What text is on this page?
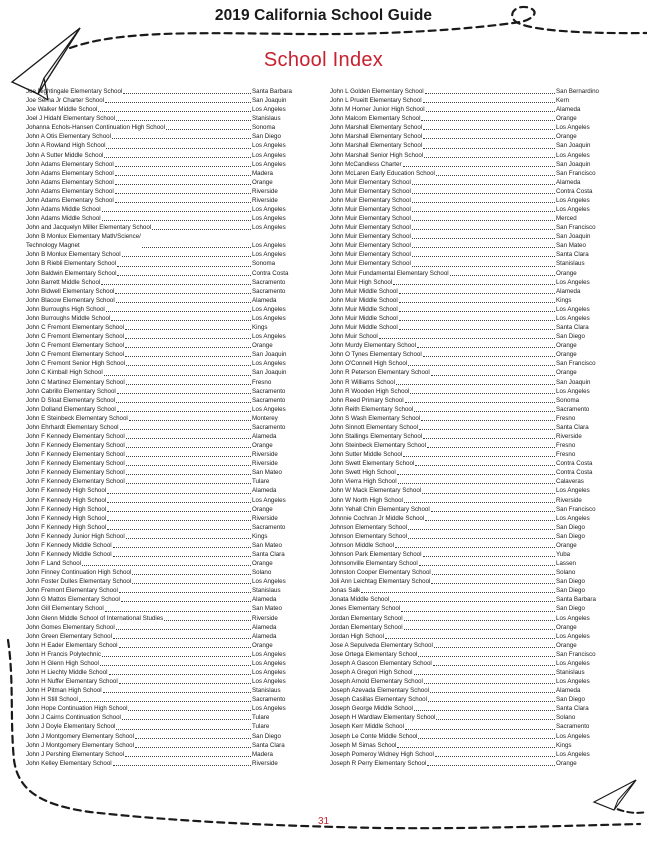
2019 California School Guide
School Index
Joe Nightingale Elementary School	Santa Barbara
Joe Serna Jr Charter School	San Joaquin
Joe Walker Middle School	Los Angeles
Joel J Hidahl Elementary School	Stanislaus
Johanna Echols-Hansen Continuation High School	Sonoma
John A Otis Elementary School	San Diego
John A Rowland High School	Los Angeles
John A Sutter Middle School	Los Angeles
John Adams Elementary School	Los Angeles
John Adams Elementary School	Madera
John Adams Elementary School	Orange
John Adams Elementary School	Riverside
John Adams Elementary School	Riverside
John Adams Middle School	Los Angeles
John Adams Middle School	Los Angeles
John and Jacquelyn Miller Elementary School	Los Angeles
John B Monlux Elementary Math/Science/
Technology Magnet	Los Angeles
John B Monlux Elementary School	Los Angeles
John B Riebli Elementary School	Sonoma
John Baldwin Elementary School	Contra Costa
John Barrett Middle School	Sacramento
John Bidwell Elementary School	Sacramento
John Blacow Elementary School	Alameda
John Burroughs High School	Los Angeles
John Burroughs Middle School	Los Angeles
John C Fremont Elementary School	Kings
John C Fremont Elementary School	Los Angeles
John C Fremont Elementary School	Orange
John C Fremont Elementary School	San Joaquin
John C Fremont Senior High School	Los Angeles
John C Kimball High School	San Joaquin
John C Martinez Elementary School	Fresno
John Cabrillo Elementary School	Sacramento
John D Sloat Elementary School	Sacramento
John Dolland Elementary School	Los Angeles
John E Steinbeck Elementary School	Monterey
John Ehrhardt Elementary School	Sacramento
John F Kennedy Elementary School	Alameda
John F Kennedy Elementary School	Orange
John F Kennedy Elementary School	Riverside
John F Kennedy Elementary School	Riverside
John F Kennedy Elementary School	San Mateo
John F Kennedy Elementary School	Tulare
John F Kennedy High School	Alameda
John F Kennedy High School	Los Angeles
John F Kennedy High School	Orange
John F Kennedy High School	Riverside
John F Kennedy High School	Sacramento
John F Kennedy Junior High School	Kings
John F Kennedy Middle School	San Mateo
John F Kennedy Middle School	Santa Clara
John F Land School	Orange
John Finney Continuation High School	Solano
John Foster Dulles Elementary School	Los Angeles
John Fremont Elementary School	Stanislaus
John G Mattos Elementary School	Alameda
John Gill Elementary School	San Mateo
John Glenn Middle School of International Studies	Riverside
John Gomes Elementary School	Alameda
John Green Elementary School	Alameda
John H Eader Elementary School	Orange
John H Francis Polytechnic	Los Angeles
John H Glenn High School	Los Angeles
John H Liechty Middle School	Los Angeles
John H Nuffer Elementary School	Los Angeles
John H Pitman High School	Stanislaus
John H Still School	Sacramento
John Hope Continuation High School	Los Angeles
John J Cairns Continuation School	Tulare
John J Doyle Elementary School	Tulare
John J Montgomery Elementary School	San Diego
John J Montgomery Elementary School	Santa Clara
John J Pershing Elementary School	Madera
John Kelley Elementary School	Riverside
John L Golden Elementary School	San Bernardino
John L Prueitt Elementary School	Kern
John M Horner Junior High School	Alameda
John Malcom Elementary School	Orange
John Marshall Elementary School	Los Angeles
John Marshall Elementary School	Orange
John Marshall Elementary School	San Joaquin
John Marshall Senior High School	Los Angeles
John McCandless Charter	San Joaquin
John McLaren Early Education School	San Francisco
John Muir Elementary School	Alameda
John Muir Elementary School	Contra Costa
John Muir Elementary School	Los Angeles
John Muir Elementary School	Los Angeles
John Muir Elementary School	Merced
John Muir Elementary School	San Francisco
John Muir Elementary School	San Joaquin
John Muir Elementary School	San Mateo
John Muir Elementary School	Santa Clara
John Muir Elementary School	Stanislaus
John Muir Fundamental Elementary School	Orange
John Muir High School	Los Angeles
John Muir Middle School	Alameda
John Muir Middle School	Kings
John Muir Middle School	Los Angeles
John Muir Middle School	Los Angeles
John Muir Middle School	Santa Clara
John Muir School	San Diego
John Murdy Elementary School	Orange
John O Tynes Elementary School	Orange
John O'Connell High School	San Francisco
John R Peterson Elementary School	Orange
John R Williams School	San Joaquin
John R Wooden High School	Los Angeles
John Reed Primary School	Sonoma
John Reith Elementary School	Sacramento
John S Wash Elementary School	Fresno
John Sinnott Elementary School	Santa Clara
John Stallings Elementary School	Riverside
John Steinbeck Elementary School	Fresno
John Sutter Middle School	Fresno
John Swett Elementary School	Contra Costa
John Swett High School	Contra Costa
John Vierra High School	Calaveras
John W Mack Elementary School	Los Angeles
John W North High School	Riverside
John Yehall Chin Elementary School	San Francisco
Johnnie Cochran Jr Middle School	Los Angeles
Johnson Elementary School	San Diego
Johnson Elementary School	San Diego
Johnson Middle School	Orange
Johnson Park Elementary School	Yuba
Johnsonville Elementary School	Lassen
Johnston Cooper Elementary School	Solano
Joli Ann Leichtag Elementary School	San Diego
Jonas Salk	San Diego
Jonata Middle School	Santa Barbara
Jones Elementary School	San Diego
Jordan Elementary School	Los Angeles
Jordan Elementary School	Orange
Jordan High School	Los Angeles
Jose A Sepulveda Elementary School	Orange
Jose Ortega Elementary School	San Francisco
Joseph A Gascon Elementary School	Los Angeles
Joseph A Gregori High School	Stanislaus
Joseph Arnold Elementary School	Los Angeles
Joseph Azevada Elementary School	Alameda
Joseph Casillas Elementary School	San Diego
Joseph George Middle School	Santa Clara
Joseph H Wardlaw Elementary School	Solano
Joseph Kerr Middle School	Sacramento
Joseph Le Conte Middle School	Los Angeles
Joseph M Simas School	Kings
Joseph Pomeroy Widney High School	Los Angeles
Joseph R Perry Elementary School	Orange
31
